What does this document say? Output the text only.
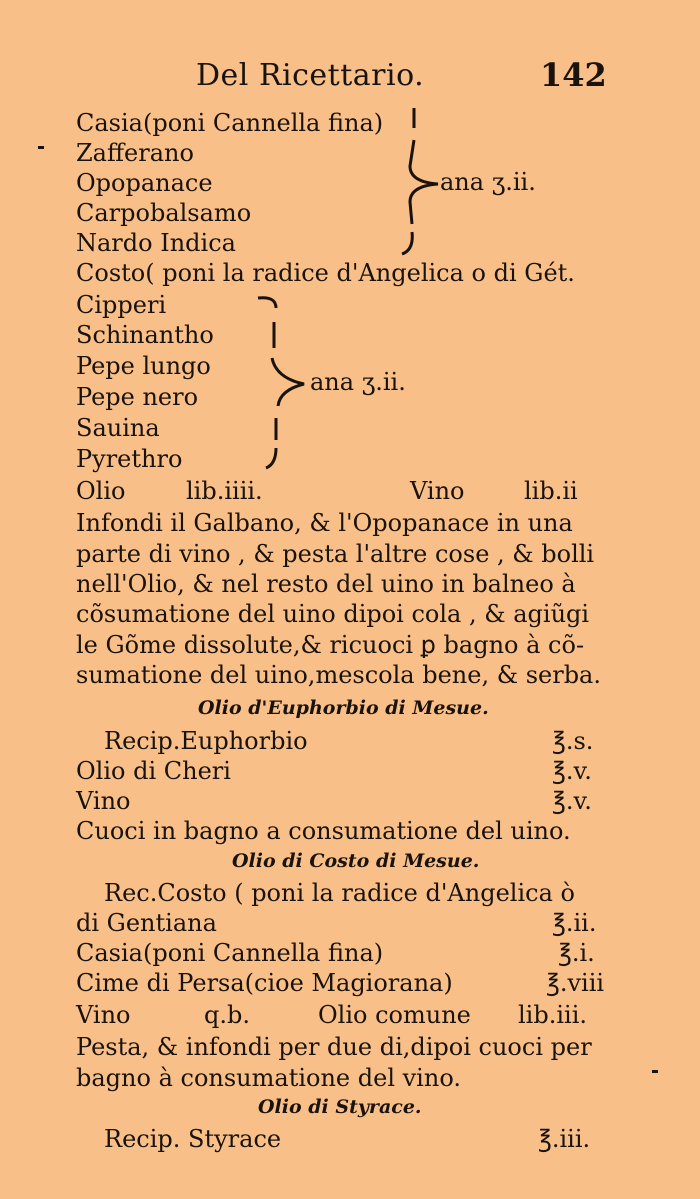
Del Ricettario.	142
Casia(poni Cannella fina)
Zafferano
Opopanace
Carpobalsamo
Nardo Indica
ana ʒ.ii.
Costo( poni la radice d'Angelica o di Gét.
Cipperi
Schinantho
Pepe lungo
Pepe nero
Sauina
Pyrethro
ana ʒ.ii.
Olio	lib.iiii.	Vino lib.ii
Infondi il Galbano, & l'Opopanace in una
parte di vino , & pesta l'altre cose , & bolli
nell'Olio, & nel resto del uino in balneo à
cõsumatione del uino dipoi cola , & agiũgi
le Gõme dissolute,& ricuoci ꝑ bagno à cõ-
sumatione del uino,mescola bene, & serba.
Olio d'Euphorbio di Mesue.
Recip.Euphorbio	℥.s.
Olio di Cheri	℥.v.
Vino	℥.v.
Cuoci in bagno a consumatione del uino.
Olio di Costo di Mesue.
Rec.Costo ( poni la radice d'Angelica ò
di Gentiana	℥.ii.
Casia(poni Cannella fina)	℥.i.
Cime di Persa(cioe Magiorana)	℥.viii
Vino	q.b.	Olio comune lib.iii.
Pesta, & infondi per due di,dipoi cuoci per
bagno à consumatione del vino.
Olio di Styrace.
Recip. Styrace	℥.iii.
